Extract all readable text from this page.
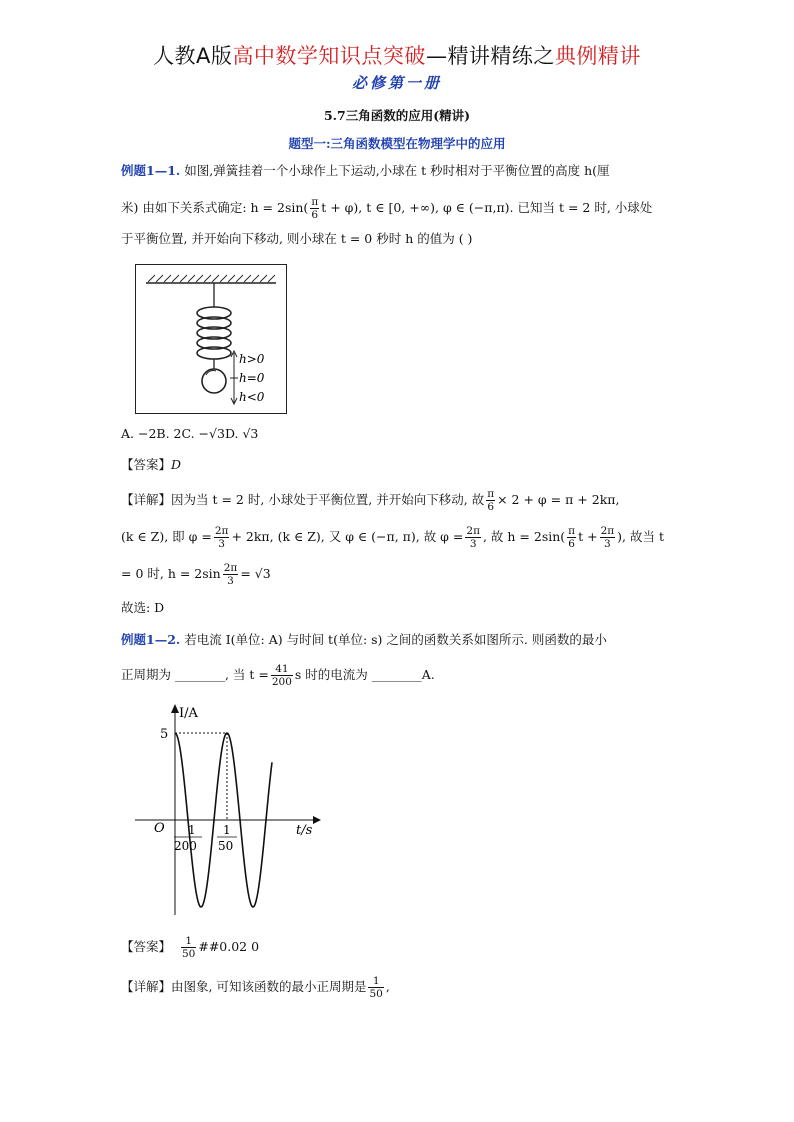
人教A版高中数学知识点突破—精讲精练之典例精讲
必修第一册
5.7三角函数的应用(精讲)
题型一:三角函数模型在物理学中的应用
例题1—1. 如图,弹簧挂着一个小球作上下运动,小球在 t 秒时相对于平衡位置的高度 h(厘
米) 由如下关系式确定: $h = 2\sin( \frac{\pi}{6}$ t + φ), t ∈ [0, +∞), φ ∈ (−π,π). 已知当 t = 2 时, 小球处
于平衡位置, 并开始向下移动, 则小球在 t = 0 秒时 h 的值为 ( )
h>0
h=0
h<0
A. −2B. 2C. −√3D. √3
【答案】D
【详解】因为当 t = 2 时, 小球处于平衡位置, 并开始向下移动, 故 $\frac{\pi}{6} \times 2 + \varphi = \pi + 2k\pi$,
(k ∈ Z), 即 $\varphi = \frac{2\pi}{3} + 2k\pi$, (k ∈ Z), 又 φ ∈ (−π, π), 故 $\varphi = \frac{2\pi}{3}$ , 故 $h = 2\sin( \frac{\pi}{6}$ $t + \frac{2\pi}{3}$ ), 故当 t
= 0 时, $h = 2\sin \frac{2\pi}{3} = √3$
故选: D
例题1—2. 若电流 I(单位: A) 与时间 t(单位: s) 之间的函数关系如图所示. 则函数的最小
正周期为 ________, 当 $t = \frac{41}{200}$ s 时的电流为 ________A.
I/A
t/s
O
5
1
200
1
50
【答案】 $\frac{1}{50}$ ##0.02 0
【详解】由图象, 可知该函数的最小正周期是 $\frac{1}{50}$ ,
